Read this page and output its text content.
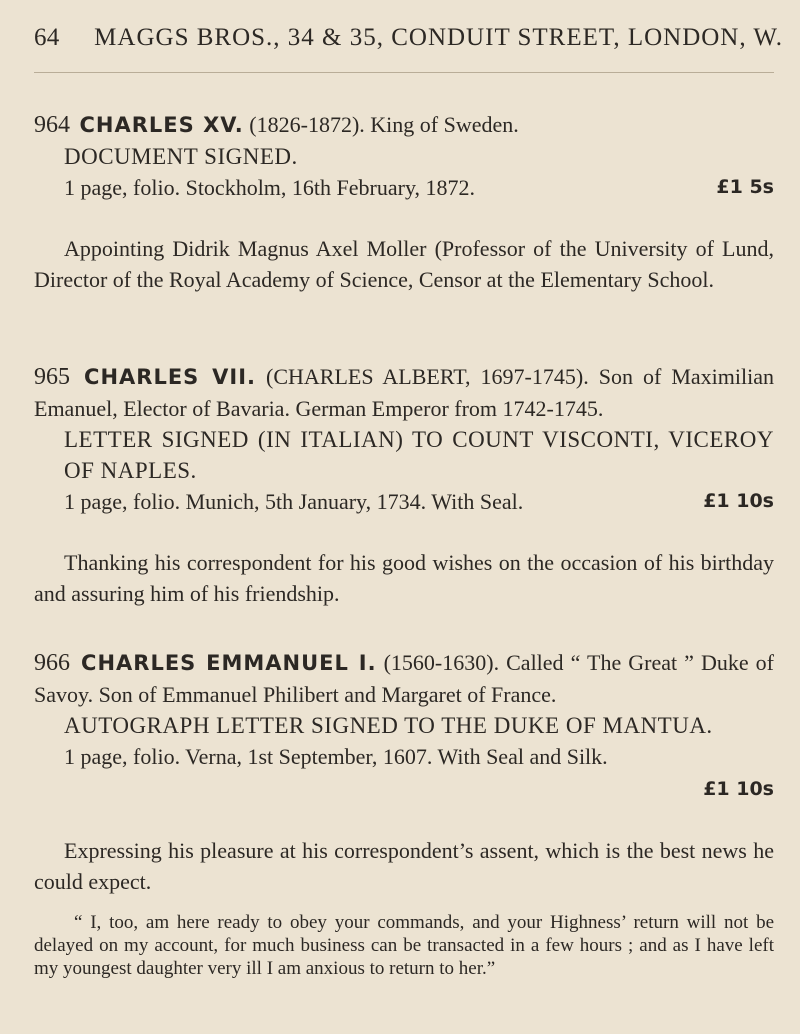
64 MAGGS BROS., 34 & 35, CONDUIT STREET, LONDON, W.

964 CHARLES XV. (1826-1872). King of Sweden.

DOCUMENT SIGNED.

1 page, folio. Stockholm, 16th February, 1872.	£1 5s

Appointing Didrik Magnus Axel Moller (Professor of the University of Lund, Director of the Royal Academy of Science, Censor at the Elementary School.

965 CHARLES VII. (CHARLES ALBERT, 1697-1745). Son of Maximilian Emanuel, Elector of Bavaria. German Emperor from 1742-1745.

LETTER SIGNED (IN ITALIAN) TO COUNT VISCONTI, VICEROY OF NAPLES.

1 page, folio. Munich, 5th January, 1734. With Seal.	£1 10s

Thanking his correspondent for his good wishes on the occasion of his birthday and assuring him of his friendship.

966 CHARLES EMMANUEL I. (1560-1630). Called “ The Great ” Duke of Savoy. Son of Emmanuel Philibert and Margaret of France.

AUTOGRAPH LETTER SIGNED TO THE DUKE OF MANTUA.

1 page, folio. Verna, 1st September, 1607. With Seal and Silk.

£1 10s

Expressing his pleasure at his correspondent’s assent, which is the best news he could expect.

“ I, too, am here ready to obey your commands, and your Highness’ return will not be delayed on my account, for much business can be transacted in a few hours ; and as I have left my youngest daughter very ill I am anxious to return to her.”
